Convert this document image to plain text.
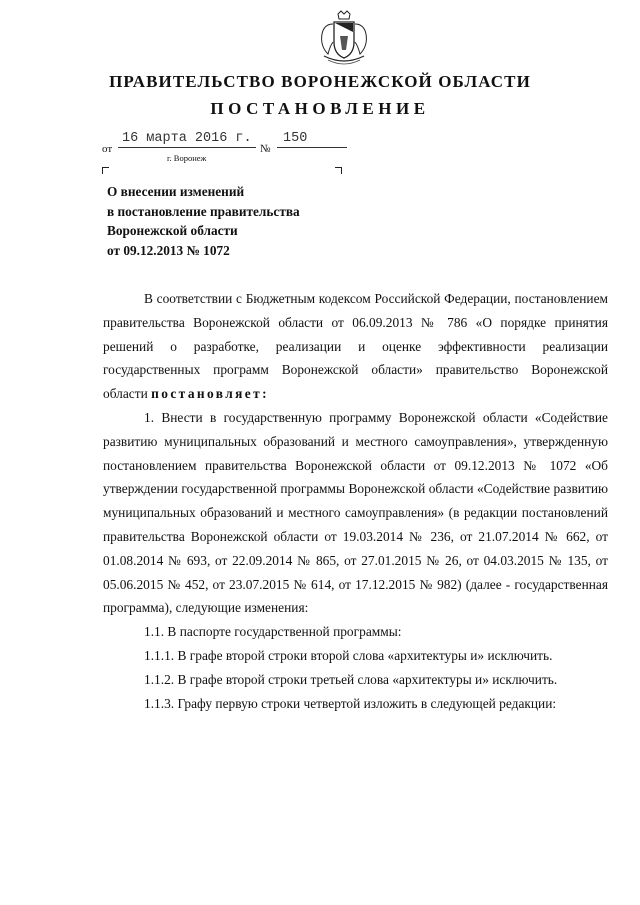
ПРАВИТЕЛЬСТВО ВОРОНЕЖСКОЙ ОБЛАСТИ
ПОСТАНОВЛЕНИЕ
от
16 марта 2016 г.
№
150
г. Воронеж
О внесении изменений
в постановление правительства
Воронежской области
от 09.12.2013 № 1072

В соответствии с Бюджетным кодексом Российской Федерации, постановлением правительства Воронежской области от 06.09.2013 № 786 «О порядке принятия решений о разработке, реализации и оценке эффективности реализации государственных программ Воронежской области» правительство Воронежской области постановляет:

1. Внести в государственную программу Воронежской области «Содействие развитию муниципальных образований и местного самоуправления», утвержденную постановлением правительства Воронежской области от 09.12.2013 № 1072 «Об утверждении государственной программы Воронежской области «Содействие развитию муниципальных образований и местного самоуправления» (в редакции постановлений правительства Воронежской области от 19.03.2014 № 236, от 21.07.2014 № 662, от 01.08.2014 № 693, от 22.09.2014 № 865, от 27.01.2015 № 26, от 04.03.2015 № 135, от 05.06.2015 № 452, от 23.07.2015 № 614, от 17.12.2015 № 982) (далее - государственная программа), следующие изменения:

1.1. В паспорте государственной программы:

1.1.1. В графе второй строки второй слова «архитектуры и» исключить.

1.1.2. В графе второй строки третьей слова «архитектуры и» исключить.

1.1.3. Графу первую строки четвертой изложить в следующей редакции:
